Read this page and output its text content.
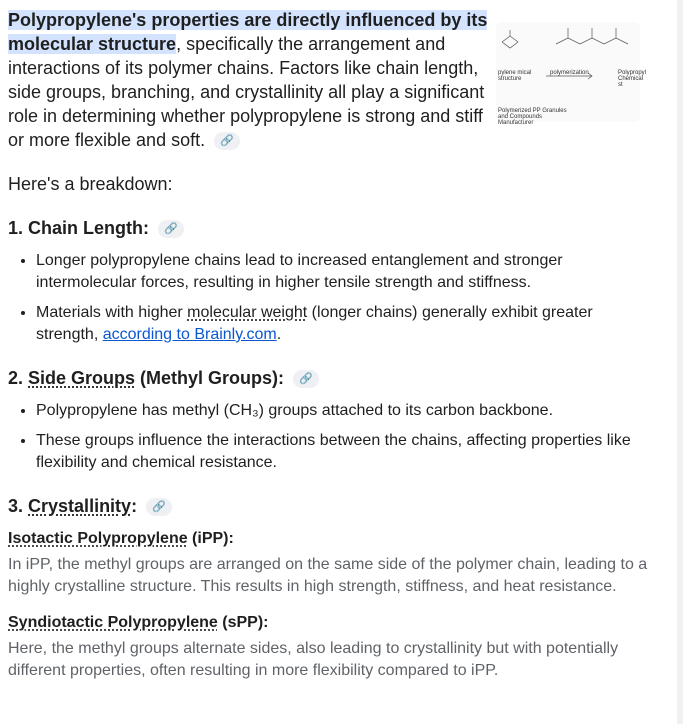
Polypropylene's properties are directly influenced by its molecular structure, specifically the arrangement and interactions of its polymer chains. Factors like chain length, side groups, branching, and crystallinity all play a significant role in determining whether polypropylene is strong and stiff or more flexible and soft. 🔗

Here's a breakdown:

1. Chain Length: 🔗
• Longer polypropylene chains lead to increased entanglement and stronger intermolecular forces, resulting in higher tensile strength and stiffness.
• Materials with higher molecular weight (longer chains) generally exhibit greater strength, according to Brainly.com.
2. Side Groups (Methyl Groups): 🔗
• Polypropylene has methyl (CH₃) groups attached to its carbon backbone.
• These groups influence the interactions between the chains, affecting properties like flexibility and chemical resistance.
3. Crystallinity: 🔗
Isotactic Polypropylene (iPP):

In iPP, the methyl groups are arranged on the same side of the polymer chain, leading to a highly crystalline structure. This results in high strength, stiffness, and heat resistance.

Syndiotactic Polypropylene (sPP):

Here, the methyl groups alternate sides, also leading to crystallinity but with potentially different properties, often resulting in more flexibility compared to iPP.

pylene mical structure
polymerization	Polypropyl Chemical st
Polymerized PP Granules and Compounds Manufacturer
